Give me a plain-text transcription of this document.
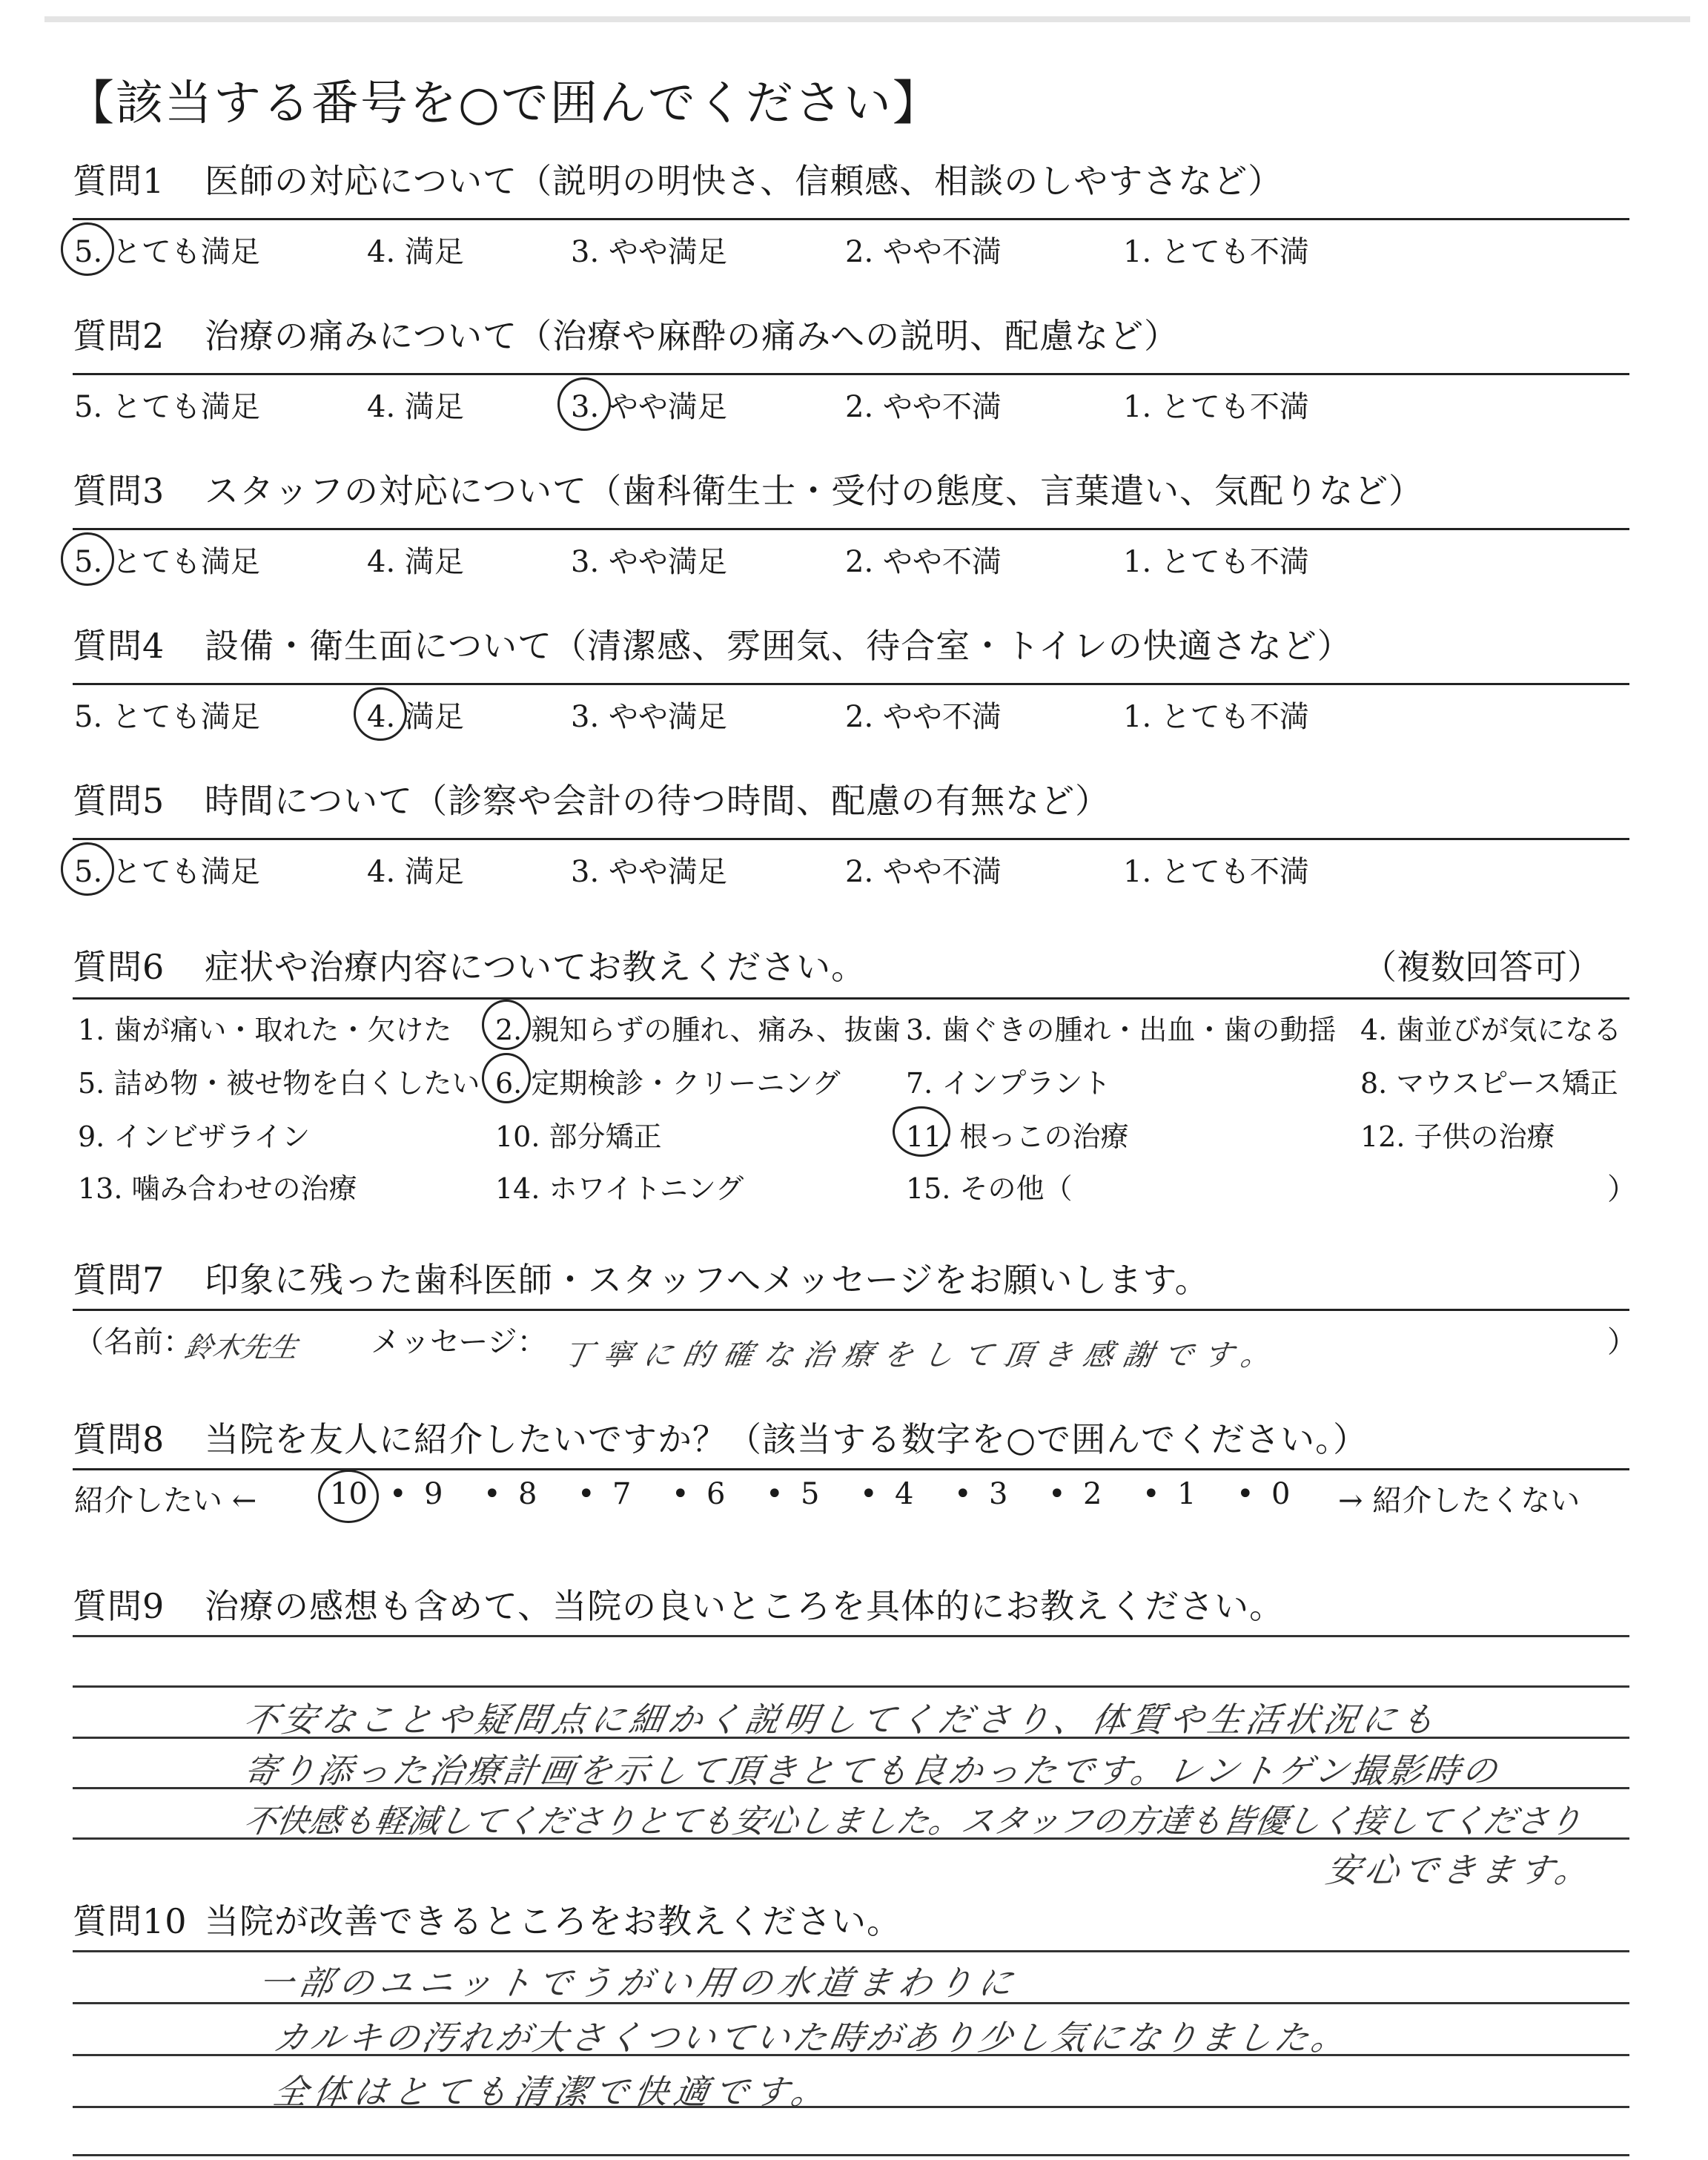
【該当する番号を○で囲んでください】
質問1 医師の対応について（説明の明快さ、信頼感、相談のしやすさなど）
5. とても満足	4. 満足	3. やや満足	2. やや不満	1. とても不満
質問2 治療の痛みについて（治療や麻酔の痛みへの説明、配慮など）
5. とても満足	4. 満足	3. やや満足	2. やや不満	1. とても不満
質問3 スタッフの対応について（歯科衛生士・受付の態度、言葉遣い、気配りなど）
5. とても満足	4. 満足	3. やや満足	2. やや不満	1. とても不満
質問4 設備・衛生面について（清潔感、雰囲気、待合室・トイレの快適さなど）
5. とても満足	4. 満足	3. やや満足	2. やや不満	1. とても不満
質問5 時間について（診察や会計の待つ時間、配慮の有無など）
5. とても満足	4. 満足	3. やや満足	2. やや不満	1. とても不満
質問6 症状や治療内容についてお教えください。	（複数回答可）
1. 歯が痛い・取れた・欠けた 2. 親知らずの腫れ、痛み、抜歯 3. 歯ぐきの腫れ・出血・歯の動揺 4. 歯並びが気になる
5. 詰め物・被せ物を白くしたい 6. 定期検診・クリーニング 7. インプラント	8. マウスピース矯正
9. インビザライン	10. 部分矯正	11. 根っこの治療	12. 子供の治療
13. 噛み合わせの治療	14. ホワイトニング	15. その他（	）
質問7 印象に残った歯科医師・スタッフへメッセージをお願いします。
（名前：
鈴木先生 メッセージ： 丁寧に的確な治療をして頂き感謝です。	）
質問8 当院を友人に紹介したいですか？（該当する数字を○で囲んでください。）
紹介したい ← 10 • 9 • 8 • 7 • 6 • 5 • 4 • 3 • 2 • 1 • 0 → 紹介したくない
質問9 治療の感想も含めて、当院の良いところを具体的にお教えください。
不安なことや疑問点に細かく説明してくださり、体質や生活状況にも
寄り添った治療計画を示して頂きとても良かったです。レントゲン撮影時の
不快感も軽減してくださりとても安心しました。スタッフの方達も皆優しく接してくださり
安心できます。
質問10 当院が改善できるところをお教えください。
一部のユニットでうがい用の水道まわりに
カルキの汚れが大さくついていた時があり少し気になりました。
全体はとても清潔で快適です。
